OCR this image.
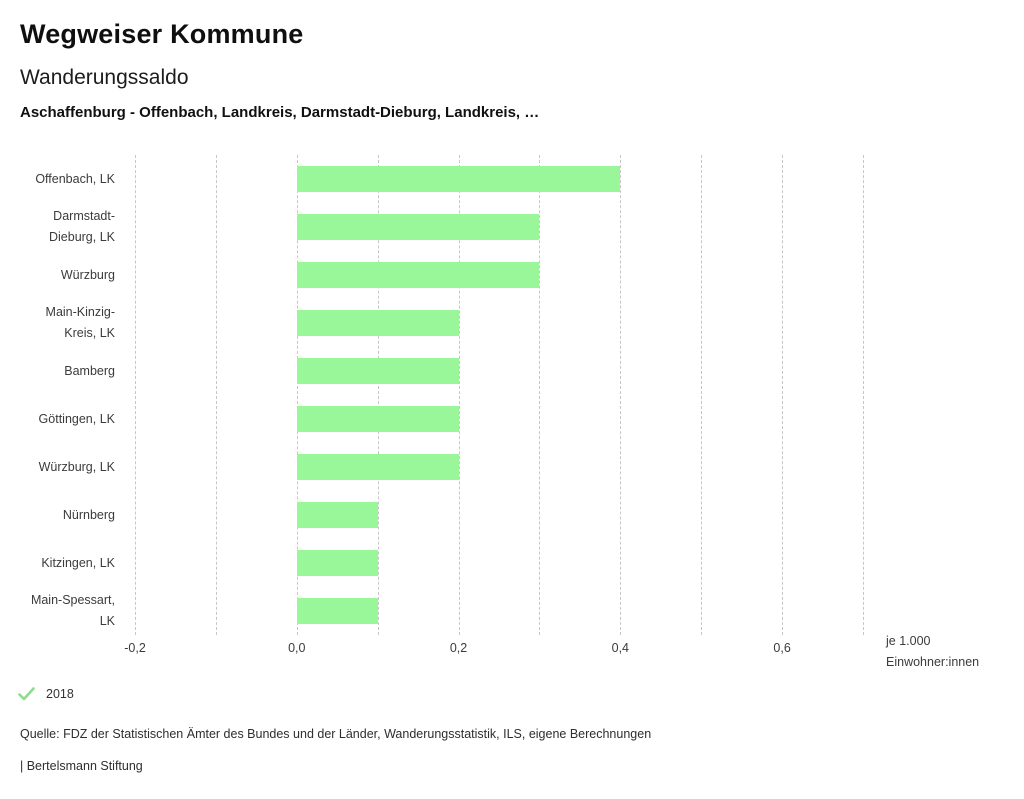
Wegweiser Kommune
Wanderungssaldo
Aschaffenburg - Offenbach, Landkreis, Darmstadt-Dieburg, Landkreis, …
Offenbach, LK
Darmstadt-
Dieburg, LK
Würzburg
Main-Kinzig-
Kreis, LK
Bamberg
Göttingen, LK
Würzburg, LK
Nürnberg
Kitzingen, LK
Main-Spessart,
LK
-0,2	0,0	0,2	0,4	0,6	je 1.000
Einwohner:innen
2018
Quelle: FDZ der Statistischen Ämter des Bundes und der Länder, Wanderungsstatistik, ILS, eigene Berechnungen
| Bertelsmann Stiftung
